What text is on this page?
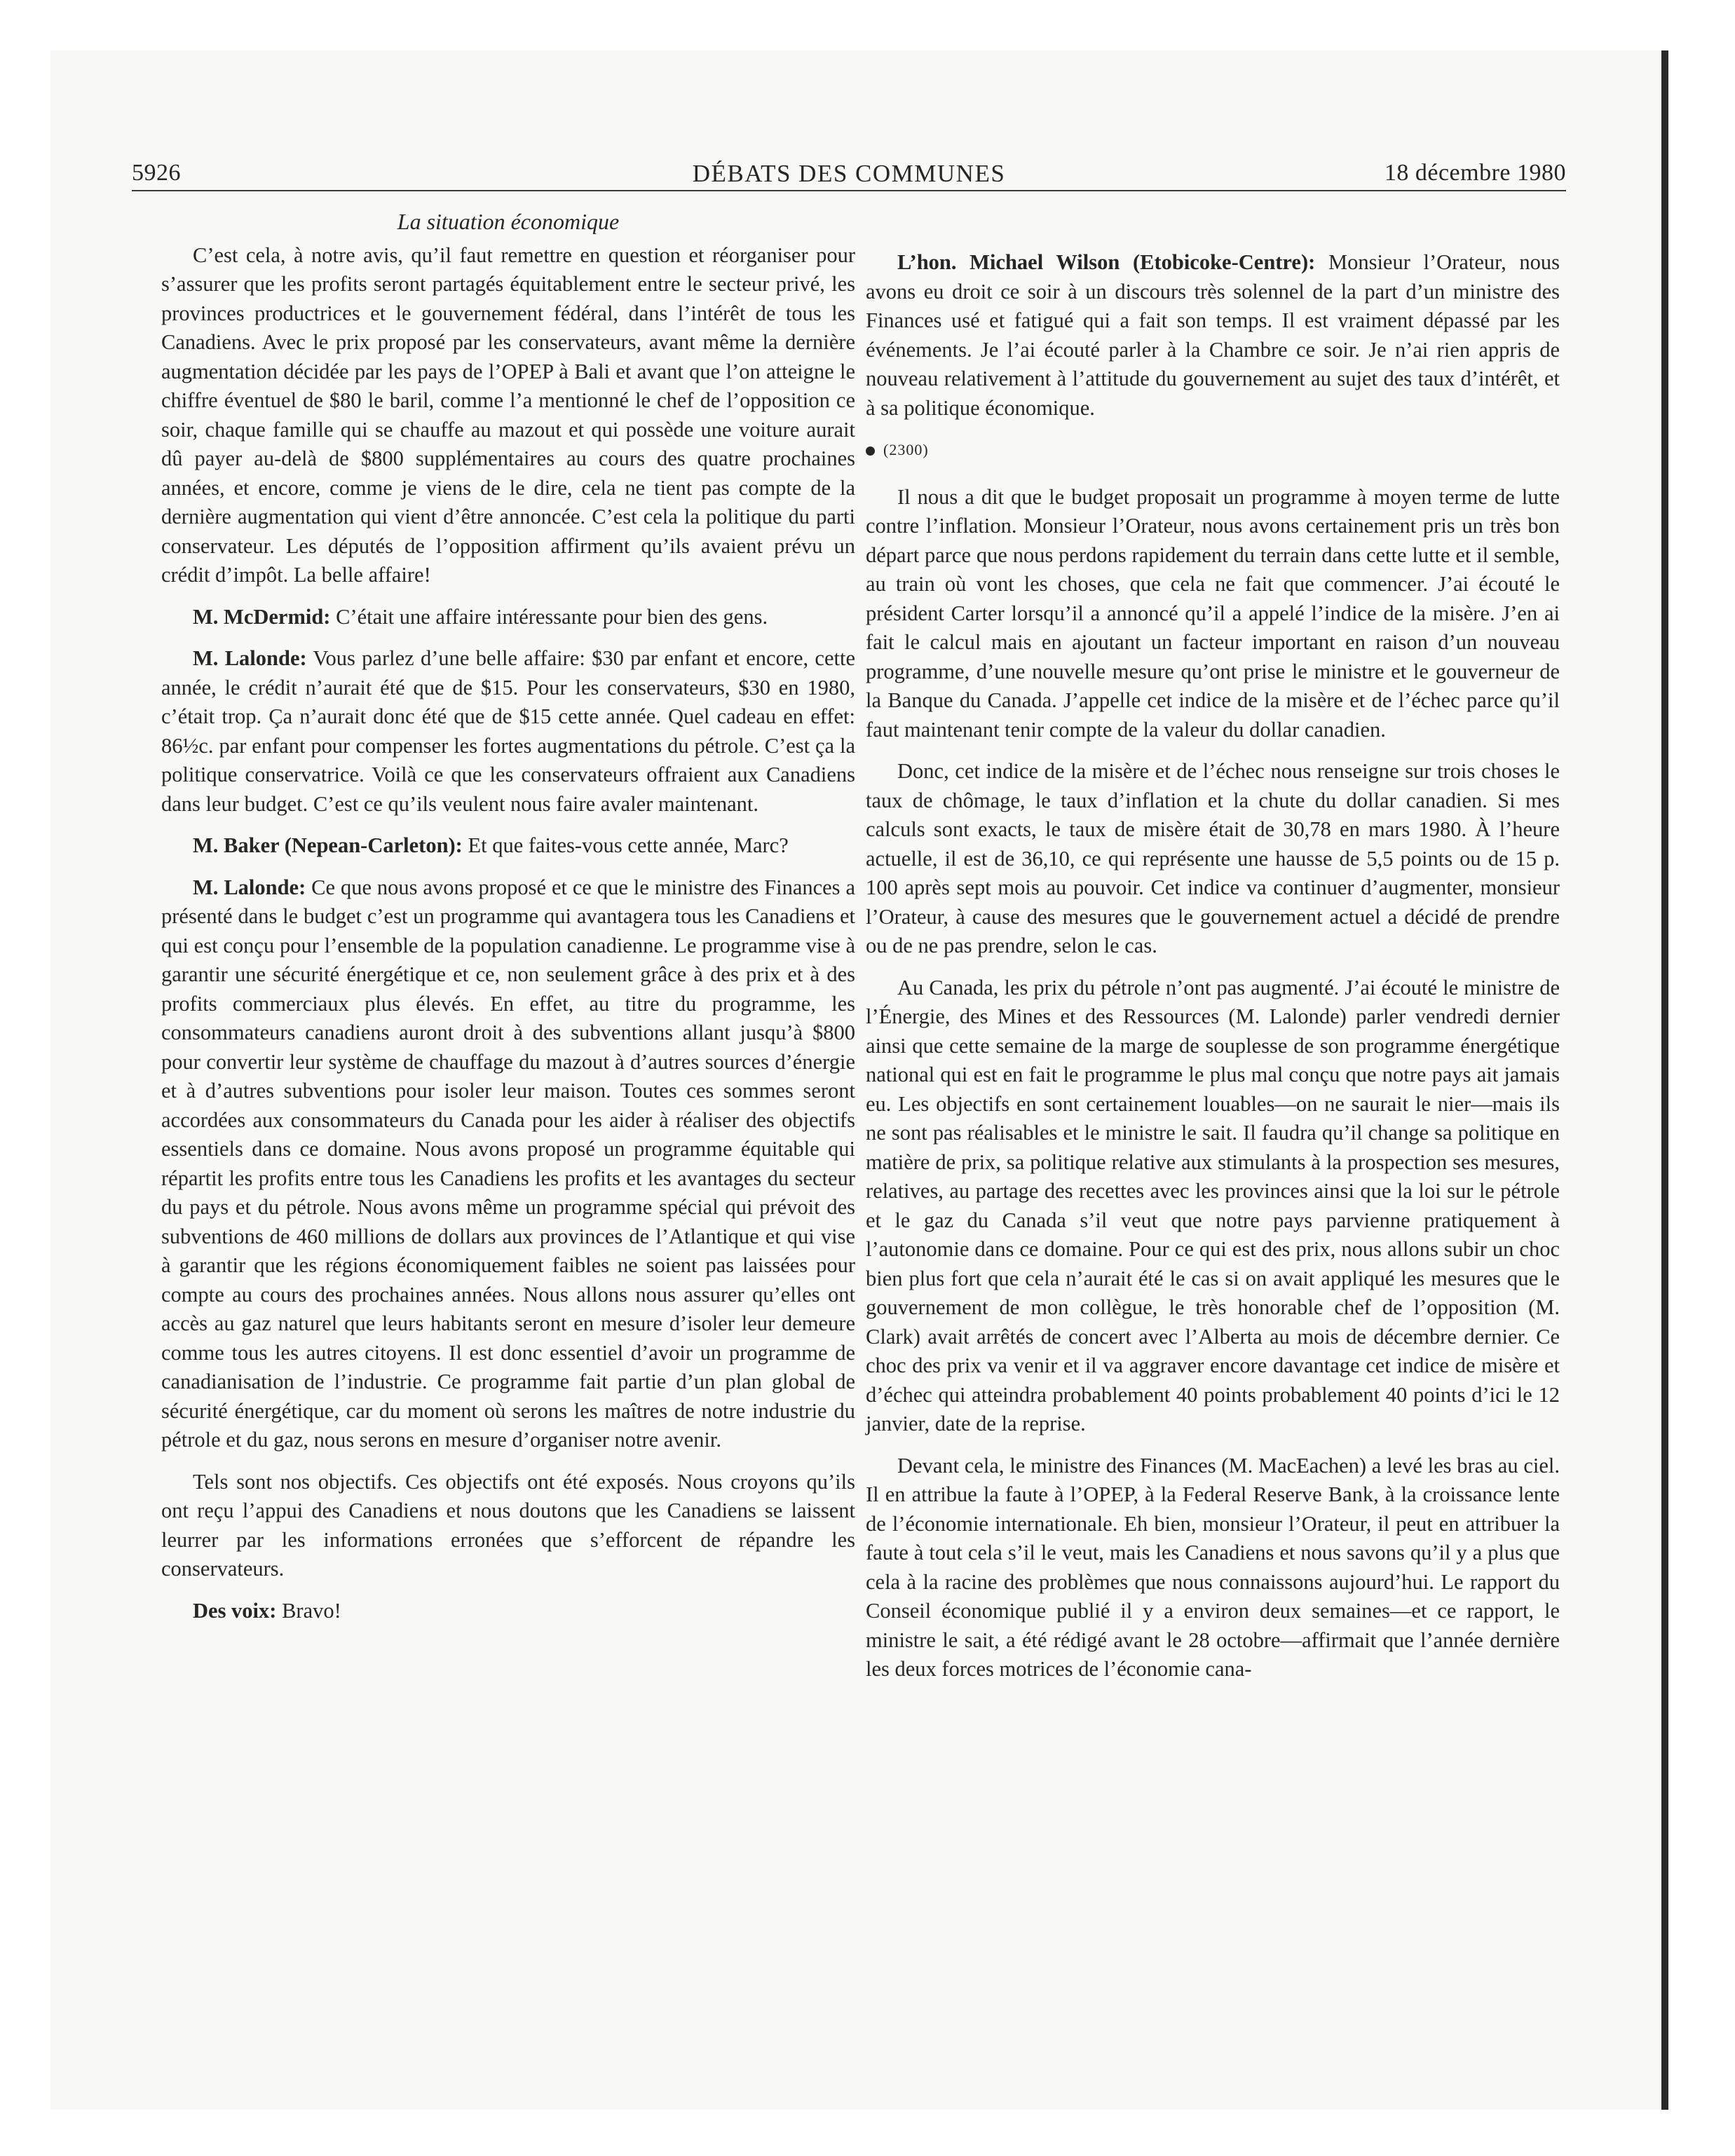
5926	DÉBATS DES COMMUNES	18 décembre 1980
La situation économique

C’est cela, à notre avis, qu’il faut remettre en question et réorganiser pour s’assurer que les profits seront partagés équitablement entre le secteur privé, les provinces productrices et le gouvernement fédéral, dans l’intérêt de tous les Canadiens. Avec le prix proposé par les conservateurs, avant même la dernière augmentation décidée par les pays de l’OPEP à Bali et avant que l’on atteigne le chiffre éventuel de $80 le baril, comme l’a mentionné le chef de l’opposition ce soir, chaque famille qui se chauffe au mazout et qui possède une voiture aurait dû payer au-delà de $800 supplémentaires au cours des quatre prochaines années, et encore, comme je viens de le dire, cela ne tient pas compte de la dernière augmentation qui vient d’être annoncée. C’est cela la politique du parti conservateur. Les députés de l’opposition affirment qu’ils avaient prévu un crédit d’impôt. La belle affaire!

M. McDermid: C’était une affaire intéressante pour bien des gens.

M. Lalonde: Vous parlez d’une belle affaire: $30 par enfant et encore, cette année, le crédit n’aurait été que de $15. Pour les conservateurs, $30 en 1980, c’était trop. Ça n’aurait donc été que de $15 cette année. Quel cadeau en effet: 86½c. par enfant pour compenser les fortes augmentations du pétrole. C’est ça la politique conservatrice. Voilà ce que les conservateurs offraient aux Canadiens dans leur budget. C’est ce qu’ils veulent nous faire avaler maintenant.

M. Baker (Nepean-Carleton): Et que faites-vous cette année, Marc?

M. Lalonde: Ce que nous avons proposé et ce que le ministre des Finances a présenté dans le budget c’est un programme qui avantagera tous les Canadiens et qui est conçu pour l’ensemble de la population canadienne. Le programme vise à garantir une sécurité énergétique et ce, non seulement grâce à des prix et à des profits commerciaux plus élevés. En effet, au titre du programme, les consommateurs canadiens auront droit à des subventions allant jusqu’à $800 pour convertir leur système de chauffage du mazout à d’autres sources d’énergie et à d’autres subventions pour isoler leur maison. Toutes ces sommes seront accordées aux consommateurs du Canada pour les aider à réaliser des objectifs essentiels dans ce domaine. Nous avons proposé un programme équitable qui répartit les profits entre tous les Canadiens les profits et les avantages du secteur du pays et du pétrole. Nous avons même un programme spécial qui prévoit des subventions de 460 millions de dollars aux provinces de l’Atlantique et qui vise à garantir que les régions économiquement faibles ne soient pas laissées pour compte au cours des prochaines années. Nous allons nous assurer qu’elles ont accès au gaz naturel que leurs habitants seront en mesure d’isoler leur demeure comme tous les autres citoyens. Il est donc essentiel d’avoir un programme de canadianisation de l’industrie. Ce programme fait partie d’un plan global de sécurité énergétique, car du moment où serons les maîtres de notre industrie du pétrole et du gaz, nous serons en mesure d’organiser notre avenir.

Tels sont nos objectifs. Ces objectifs ont été exposés. Nous croyons qu’ils ont reçu l’appui des Canadiens et nous doutons que les Canadiens se laissent leurrer par les informations erronées que s’efforcent de répandre les conservateurs.

Des voix: Bravo!

L’hon. Michael Wilson (Etobicoke-Centre): Monsieur l’Orateur, nous avons eu droit ce soir à un discours très solennel de la part d’un ministre des Finances usé et fatigué qui a fait son temps. Il est vraiment dépassé par les événements. Je l’ai écouté parler à la Chambre ce soir. Je n’ai rien appris de nouveau relativement à l’attitude du gouvernement au sujet des taux d’intérêt, et à sa politique économique.

(2300)

Il nous a dit que le budget proposait un programme à moyen terme de lutte contre l’inflation. Monsieur l’Orateur, nous avons certainement pris un très bon départ parce que nous perdons rapidement du terrain dans cette lutte et il semble, au train où vont les choses, que cela ne fait que commencer. J’ai écouté le président Carter lorsqu’il a annoncé qu’il a appelé l’indice de la misère. J’en ai fait le calcul mais en ajoutant un facteur important en raison d’un nouveau programme, d’une nouvelle mesure qu’ont prise le ministre et le gouverneur de la Banque du Canada. J’appelle cet indice de la misère et de l’échec parce qu’il faut maintenant tenir compte de la valeur du dollar canadien.

Donc, cet indice de la misère et de l’échec nous renseigne sur trois choses le taux de chômage, le taux d’inflation et la chute du dollar canadien. Si mes calculs sont exacts, le taux de misère était de 30,78 en mars 1980. À l’heure actuelle, il est de 36,10, ce qui représente une hausse de 5,5 points ou de 15 p. 100 après sept mois au pouvoir. Cet indice va continuer d’augmenter, monsieur l’Orateur, à cause des mesures que le gouvernement actuel a décidé de prendre ou de ne pas prendre, selon le cas.

Au Canada, les prix du pétrole n’ont pas augmenté. J’ai écouté le ministre de l’Énergie, des Mines et des Ressources (M. Lalonde) parler vendredi dernier ainsi que cette semaine de la marge de souplesse de son programme énergétique national qui est en fait le programme le plus mal conçu que notre pays ait jamais eu. Les objectifs en sont certainement louables—on ne saurait le nier—mais ils ne sont pas réalisables et le ministre le sait. Il faudra qu’il change sa politique en matière de prix, sa politique relative aux stimulants à la prospection ses mesures, relatives, au partage des recettes avec les provinces ainsi que la loi sur le pétrole et le gaz du Canada s’il veut que notre pays parvienne pratiquement à l’autonomie dans ce domaine. Pour ce qui est des prix, nous allons subir un choc bien plus fort que cela n’aurait été le cas si on avait appliqué les mesures que le gouvernement de mon collègue, le très honorable chef de l’opposition (M. Clark) avait arrêtés de concert avec l’Alberta au mois de décembre dernier. Ce choc des prix va venir et il va aggraver encore davantage cet indice de misère et d’échec qui atteindra probablement 40 points probablement 40 points d’ici le 12 janvier, date de la reprise.

Devant cela, le ministre des Finances (M. MacEachen) a levé les bras au ciel. Il en attribue la faute à l’OPEP, à la Federal Reserve Bank, à la croissance lente de l’économie internationale. Eh bien, monsieur l’Orateur, il peut en attribuer la faute à tout cela s’il le veut, mais les Canadiens et nous savons qu’il y a plus que cela à la racine des problèmes que nous connaissons aujourd’hui. Le rapport du Conseil économique publié il y a environ deux semaines—et ce rapport, le ministre le sait, a été rédigé avant le 28 octobre—affirmait que l’année dernière les deux forces motrices de l’économie cana-
